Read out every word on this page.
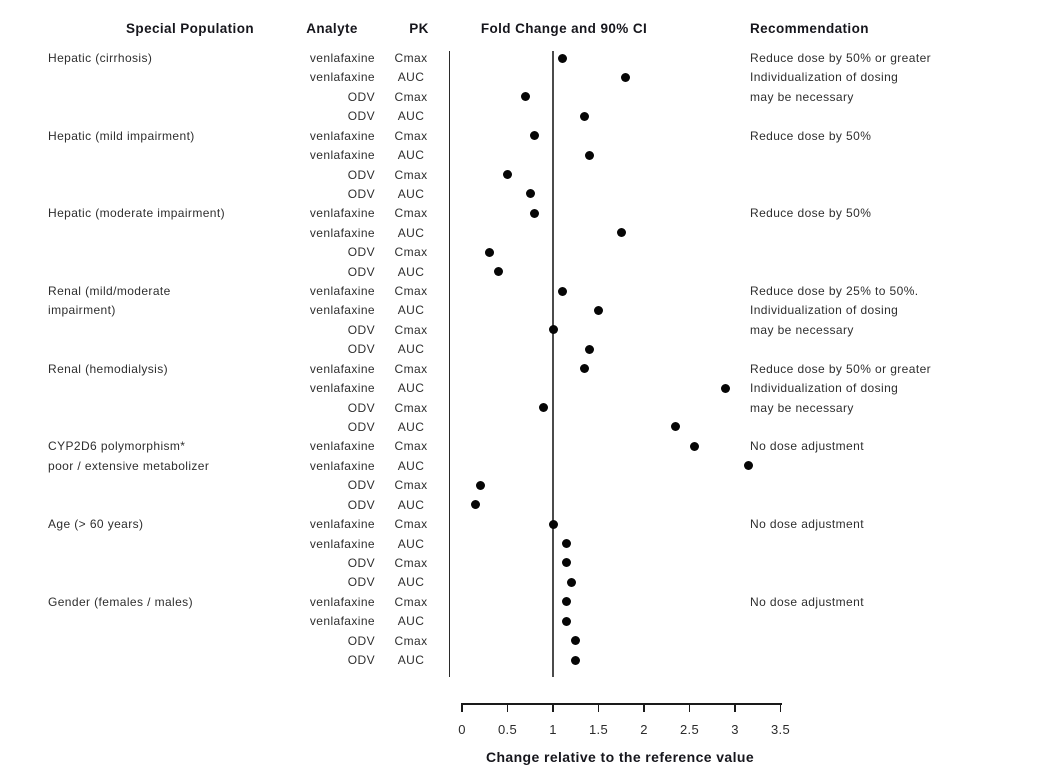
Special Population	Analyte	PK	Fold Change and 90% CI	Recommendation
Hepatic (cirrhosis)	venlafaxine	Cmax	Reduce dose by 50% or greater
venlafaxine	AUC	Individualization of dosing
ODV	Cmax	may be necessary
ODV	AUC
Hepatic (mild impairment)	venlafaxine	Cmax	Reduce dose by 50%
venlafaxine	AUC
ODV	Cmax
ODV	AUC
Hepatic (moderate impairment)	venlafaxine	Cmax	Reduce dose by 50%
venlafaxine	AUC
ODV	Cmax
ODV	AUC
Renal (mild/moderate	venlafaxine	Cmax	Reduce dose by 25% to 50%.
impairment)	venlafaxine	AUC	Individualization of dosing
ODV	Cmax	may be necessary
ODV	AUC
Renal (hemodialysis)	venlafaxine	Cmax	Reduce dose by 50% or greater
venlafaxine	AUC	Individualization of dosing
ODV	Cmax	may be necessary
ODV	AUC
CYP2D6 polymorphism*	venlafaxine	Cmax	No dose adjustment
poor / extensive metabolizer	venlafaxine	AUC
ODV	Cmax
ODV	AUC
Age (> 60 years)	venlafaxine	Cmax	No dose adjustment
venlafaxine	AUC
ODV	Cmax
ODV	AUC
Gender (females / males)	venlafaxine	Cmax	No dose adjustment
venlafaxine	AUC
ODV	Cmax
ODV	AUC
0	0.5	1	1.5	2	2.5	3	3.5
Change relative to the reference value
